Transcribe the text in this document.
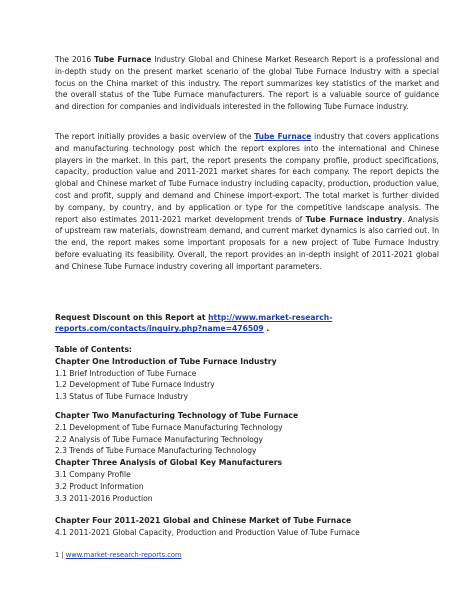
The 2016 Tube Furnace Industry Global and Chinese Market Research Report is a professional and in-depth study on the present market scenario of the global Tube Furnace Industry with a special focus on the China market of this industry. The report summarizes key statistics of the market and the overall status of the Tube Furnace manufacturers. The report is a valuable source of guidance and direction for companies and individuals interested in the following Tube Furnace industry.

The report initially provides a basic overview of the Tube Furnace industry that covers applications and manufacturing technology post which the report explores into the international and Chinese players in the market. In this part, the report presents the company profile, product specifications, capacity, production value and 2011-2021 market shares for each company. The report depicts the global and Chinese market of Tube Furnace industry including capacity, production, production value, cost and profit, supply and demand and Chinese import-export. The total market is further divided by company, by country, and by application or type for the competitive landscape analysis. The report also estimates 2011-2021 market development trends of Tube Furnace industry. Analysis of upstream raw materials, downstream demand, and current market dynamics is also carried out. In the end, the report makes some important proposals for a new project of Tube Furnace Industry before evaluating its feasibility. Overall, the report provides an in-depth insight of 2011-2021 global and Chinese Tube Furnace industry covering all important parameters.

Request Discount on this Report at http://www.market-research-reports.com/contacts/inquiry.php?name=476509 .

Table of Contents:
Chapter One Introduction of Tube Furnace Industry
1.1 Brief Introduction of Tube Furnace
1.2 Development of Tube Furnace Industry
1.3 Status of Tube Furnace Industry
Chapter Two Manufacturing Technology of Tube Furnace
2.1 Development of Tube Furnace Manufacturing Technology
2.2 Analysis of Tube Furnace Manufacturing Technology
2.3 Trends of Tube Furnace Manufacturing Technology
Chapter Three Analysis of Global Key Manufacturers
3.1 Company Profile
3.2 Product Information
3.3 2011-2016 Production
Chapter Four 2011-2021 Global and Chinese Market of Tube Furnace
4.1 2011-2021 Global Capacity, Production and Production Value of Tube Furnace
1 | www.market-research-reports.com
